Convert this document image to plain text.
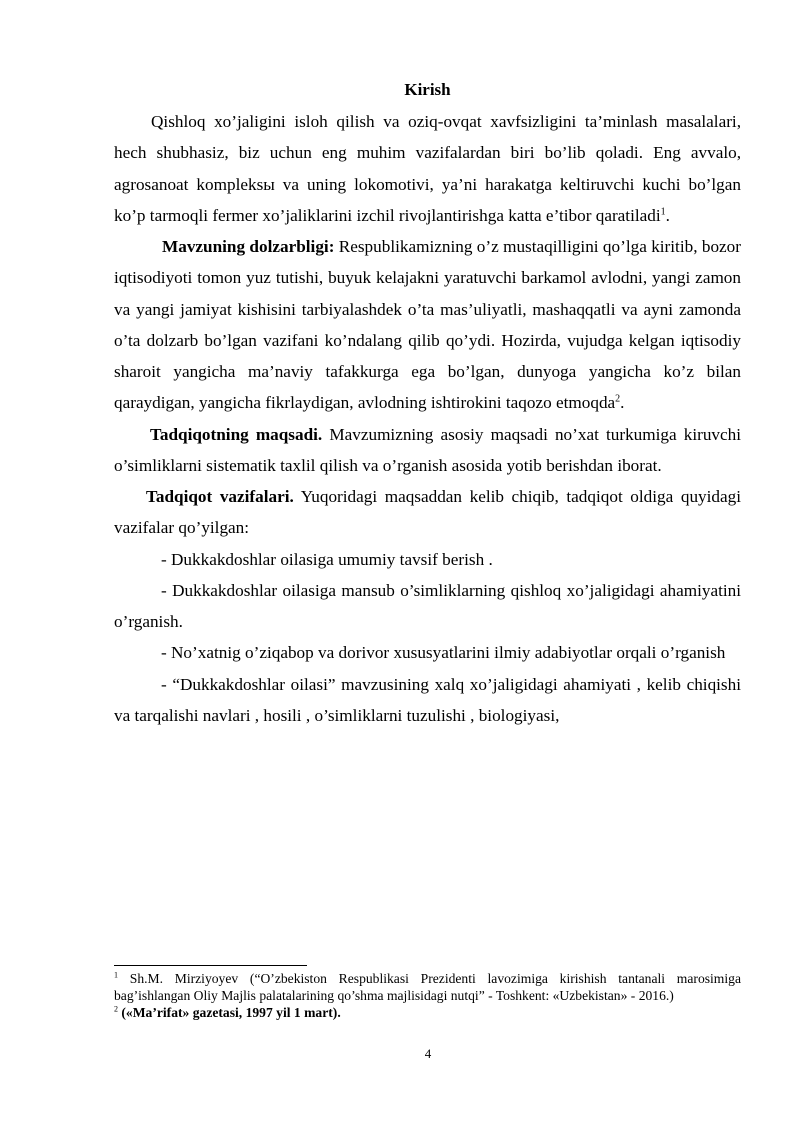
Kirish

Qishloq xo’jaligini isloh qilish va oziq-ovqat xavfsizligini ta’minlash masalalari, hech shubhasiz, biz uchun eng muhim vazifalardan biri bo’lib qoladi. Eng avvalo, agrosanoat kompleksы va uning lokomotivi, ya’ni harakatga keltiruvchi kuchi bo’lgan ko’p tarmoqli fermer xo’jaliklarini izchil rivojlantirishga katta e’tibor qaratiladi$^1$.

Mavzuning dolzarbligi: Respublikamizning o’z mustaqilligini qo’lga kiritib, bozor iqtisodiyoti tomon yuz tutishi, buyuk kelajakni yaratuvchi barkamol avlodni, yangi zamon va yangi jamiyat kishisini tarbiyalashdek o’ta mas’uliyatli, mashaqqatli va ayni zamonda o’ta dolzarb bo’lgan vazifani ko’ndalang qilib qo’ydi. Hozirda, vujudga kelgan iqtisodiy sharoit yangicha ma’naviy tafakkurga ega bo’lgan, dunyoga yangicha ko’z bilan qaraydigan, yangicha fikrlaydigan, avlodning ishtirokini taqozo etmoqda$^2$.

Tadqiqotning maqsadi. Mavzumizning asosiy maqsadi no’xat turkumiga kiruvchi o’simliklarni sistematik taxlil qilish va o’rganish asosida yotib berishdan iborat.

Tadqiqot vazifalari. Yuqoridagi maqsaddan kelib chiqib, tadqiqot oldiga quyidagi vazifalar qo’yilgan:

- Dukkakdoshlar oilasiga umumiy tavsif berish .

- Dukkakdoshlar oilasiga mansub o’simliklarning qishloq xo’jaligidagi ahamiyatini o’rganish.

- No’xatnig o’ziqabop va dorivor xususyatlarini ilmiy adabiyotlar orqali o’rganish

- “Dukkakdoshlar oilasi” mavzusining xalq xo’jaligidagi ahamiyati , kelib chiqishi va tarqalishi navlari , hosili , o’simliklarni tuzulishi , biologiyasi,

$^1$ Sh.M. Mirziyoyev (“O’zbekiston Respublikasi Prezidenti lavozimiga kirishish tantanali marosimiga bag’ishlangan Oliy Majlis palatalarining qo’shma majlisidagi nutqi” - Toshkent: «Uzbekistan» - 2016.)

$^2$ («Ma’rifat» gazetasi, 1997 yil 1 mart).

4
